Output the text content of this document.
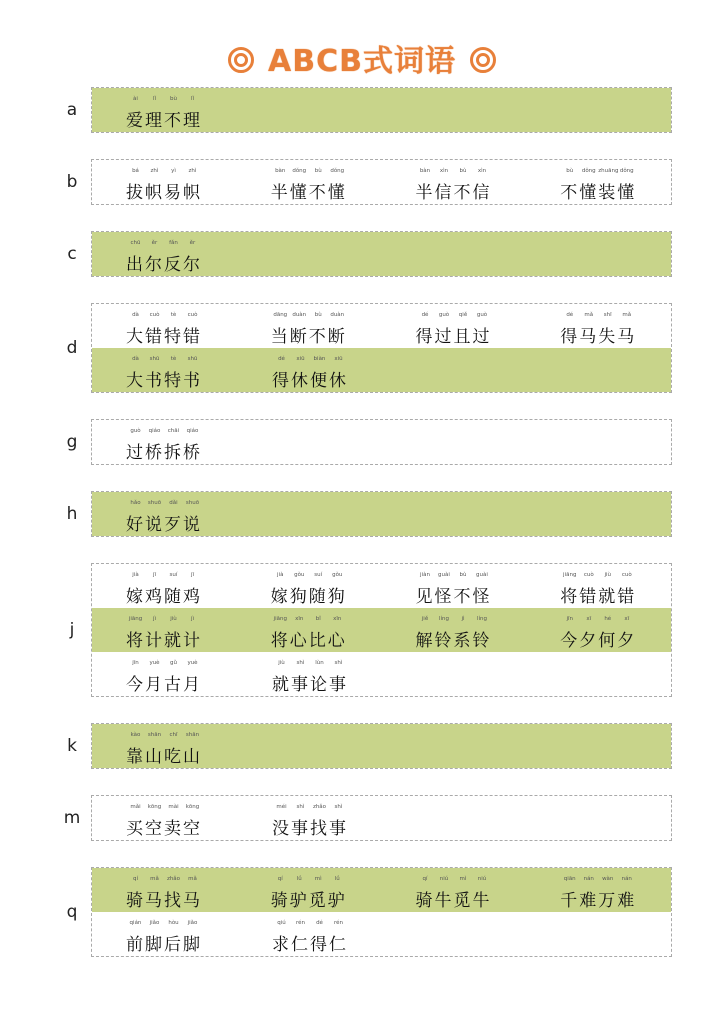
ABCB式词语
a
ài	lǐ	bù	lǐ
爱理不理
b
bá	zhì	yì	zhì
拔帜易帜
bàn	dǒng	bù	dǒng
半懂不懂
bàn	xìn	bù	xìn
半信不信
bù	dǒng zhuāng dǒng
不懂装懂
c
chū	ěr	fǎn	ěr
出尔反尔
d
dà	cuò	tè	cuò
大错特错
dāng duàn	bù	duàn
当断不断
dé	guò	qiě	guò
得过且过
dé	mǎ	shī	mǎ
得马失马
dà	shū	tè	shū
大书特书
dé	xiū	biàn	xiū
得休便休
g
guò	qiáo	chāi	qiáo
过桥拆桥
h
hǎo	shuō	dǎi	shuō
好说歹说
j
jià	jī	suí	jī
嫁鸡随鸡
jià	gǒu	suí	gǒu
嫁狗随狗
jiàn	guài	bù	guài
见怪不怪
jiāng	cuò	jiù	cuò
将错就错
jiāng	jì	jiù	jì
将计就计
jiāng	xīn	bǐ	xīn
将心比心
jiě	líng	jì	líng
解铃系铃
jīn	xī	hé	xī
今夕何夕
jīn	yuè	gǔ	yuè
今月古月
jiù	shì	lùn	shì
就事论事
k
kào	shān	chī	shān
靠山吃山
m
mǎi	kōng	mài	kōng
买空卖空
méi	shì	zhǎo	shì
没事找事
q
qí	mǎ	zhǎo	mǎ
骑马找马
qí	lǘ	mì	lǘ
骑驴觅驴
qí	niú	mì	niú
骑牛觅牛
qiān	nán	wàn	nán
千难万难
qián	jiǎo	hòu	jiǎo
前脚后脚
qiú	rén	dé	rén
求仁得仁
